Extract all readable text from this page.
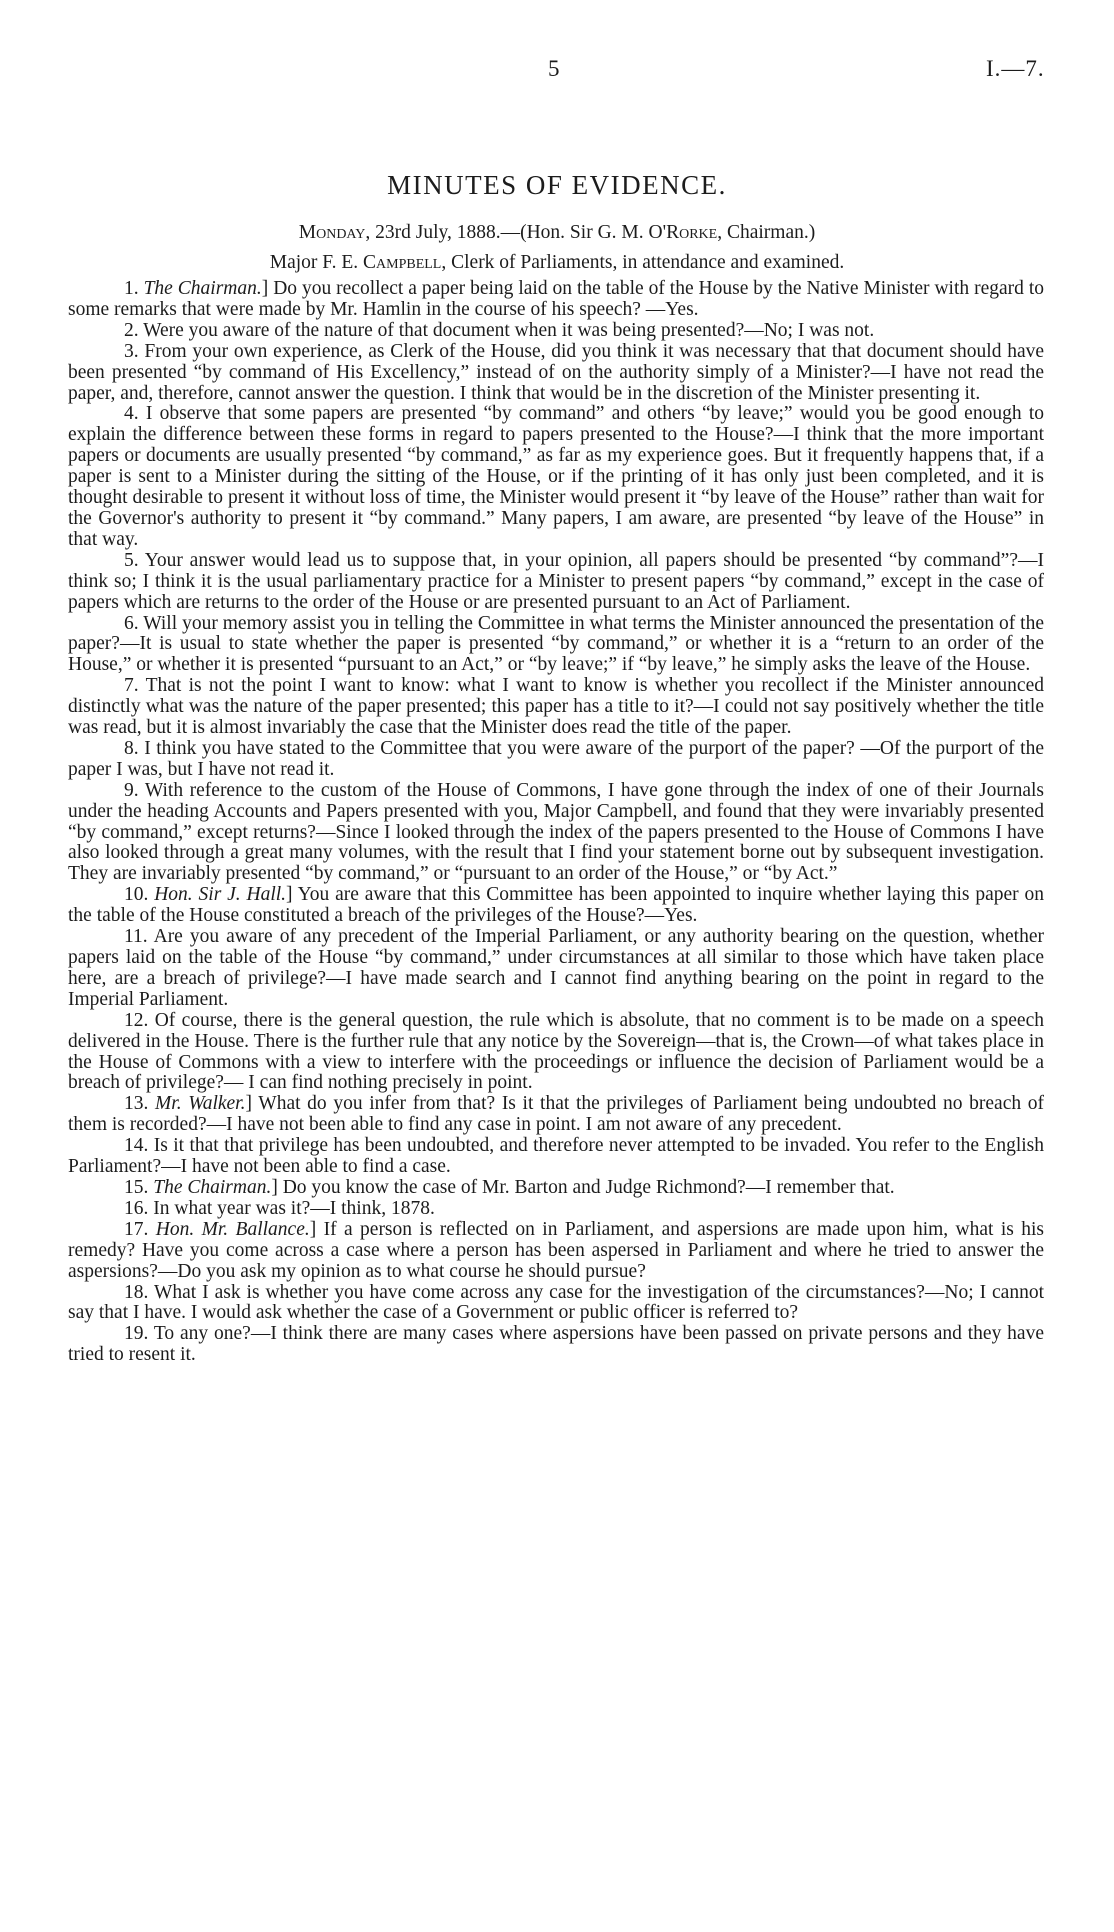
5	I.—7.
MINUTES OF EVIDENCE.
Monday, 23rd July, 1888.—(Hon. Sir G. M. O'Rorke, Chairman.)
Major F. E. Campbell, Clerk of Parliaments, in attendance and examined.

1. The Chairman.] Do you recollect a paper being laid on the table of the House by the Native Minister with regard to some remarks that were made by Mr. Hamlin in the course of his speech? —Yes.

2. Were you aware of the nature of that document when it was being presented?—No; I was not.

3. From your own experience, as Clerk of the House, did you think it was necessary that that document should have been presented “by command of His Excellency,” instead of on the authority simply of a Minister?—I have not read the paper, and, therefore, cannot answer the question. I think that would be in the discretion of the Minister presenting it.

4. I observe that some papers are presented “by command” and others “by leave;” would you be good enough to explain the difference between these forms in regard to papers presented to the House?—I think that the more important papers or documents are usually presented “by command,” as far as my experience goes. But it frequently happens that, if a paper is sent to a Minister during the sitting of the House, or if the printing of it has only just been completed, and it is thought desirable to present it without loss of time, the Minister would present it “by leave of the House” rather than wait for the Governor's authority to present it “by command.” Many papers, I am aware, are presented “by leave of the House” in that way.

5. Your answer would lead us to suppose that, in your opinion, all papers should be presented “by command”?—I think so; I think it is the usual parliamentary practice for a Minister to present papers “by command,” except in the case of papers which are returns to the order of the House or are presented pursuant to an Act of Parliament.

6. Will your memory assist you in telling the Committee in what terms the Minister announced the presentation of the paper?—It is usual to state whether the paper is presented “by command,” or whether it is a “return to an order of the House,” or whether it is presented “pursuant to an Act,” or “by leave;” if “by leave,” he simply asks the leave of the House.

7. That is not the point I want to know: what I want to know is whether you recollect if the Minister announced distinctly what was the nature of the paper presented; this paper has a title to it?—I could not say positively whether the title was read, but it is almost invariably the case that the Minister does read the title of the paper.

8. I think you have stated to the Committee that you were aware of the purport of the paper? —Of the purport of the paper I was, but I have not read it.

9. With reference to the custom of the House of Commons, I have gone through the index of one of their Journals under the heading Accounts and Papers presented with you, Major Campbell, and found that they were invariably presented “by command,” except returns?—Since I looked through the index of the papers presented to the House of Commons I have also looked through a great many volumes, with the result that I find your statement borne out by subsequent investigation. They are invariably presented “by command,” or “pursuant to an order of the House,” or “by Act.”

10. Hon. Sir J. Hall.] You are aware that this Committee has been appointed to inquire whether laying this paper on the table of the House constituted a breach of the privileges of the House?—Yes.

11. Are you aware of any precedent of the Imperial Parliament, or any authority bearing on the question, whether papers laid on the table of the House “by command,” under circumstances at all similar to those which have taken place here, are a breach of privilege?—I have made search and I cannot find anything bearing on the point in regard to the Imperial Parliament.

12. Of course, there is the general question, the rule which is absolute, that no comment is to be made on a speech delivered in the House. There is the further rule that any notice by the Sovereign—that is, the Crown—of what takes place in the House of Commons with a view to interfere with the proceedings or influence the decision of Parliament would be a breach of privilege?— I can find nothing precisely in point.

13. Mr. Walker.] What do you infer from that? Is it that the privileges of Parliament being undoubted no breach of them is recorded?—I have not been able to find any case in point. I am not aware of any precedent.

14. Is it that that privilege has been undoubted, and therefore never attempted to be invaded. You refer to the English Parliament?—I have not been able to find a case.

15. The Chairman.] Do you know the case of Mr. Barton and Judge Richmond?—I remember that.

16. In what year was it?—I think, 1878.

17. Hon. Mr. Ballance.] If a person is reflected on in Parliament, and aspersions are made upon him, what is his remedy? Have you come across a case where a person has been aspersed in Parliament and where he tried to answer the aspersions?—Do you ask my opinion as to what course he should pursue?

18. What I ask is whether you have come across any case for the investigation of the circumstances?—No; I cannot say that I have. I would ask whether the case of a Government or public officer is referred to?

19. To any one?—I think there are many cases where aspersions have been passed on private persons and they have tried to resent it.
